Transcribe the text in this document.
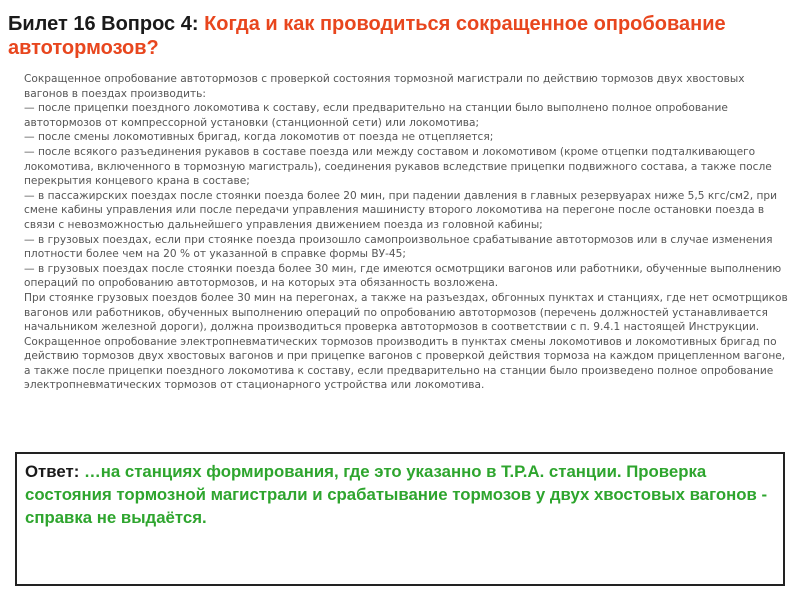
Билет 16 Вопрос 4: Когда и как проводиться сокращенное опробование автотормозов?

Сокращенное опробование автотормозов с проверкой состояния тормозной магистрали по действию тормозов двух хвостовых вагонов в поездах производить:

— после прицепки поездного локомотива к составу, если предварительно на станции было выполнено полное опробование автотормозов от компрессорной установки (станционной сети) или локомотива;

— после смены локомотивных бригад, когда локомотив от поезда не отцепляется;

— после всякого разъединения рукавов в составе поезда или между составом и локомотивом (кроме отцепки подталкивающего локомотива, включенного в тормозную магистраль), соединения рукавов вследствие прицепки подвижного состава, а также после перекрытия концевого крана в составе;

— в пассажирских поездах после стоянки поезда более 20 мин, при падении давления в главных резервуарах ниже 5,5 кгс/см2, при смене кабины управления или после передачи управления машинисту второго локомотива на перегоне после остановки поезда в связи с невозможностью дальнейшего управления движением поезда из головной кабины;

— в грузовых поездах, если при стоянке поезда произошло самопроизвольное срабатывание автотормозов или в случае изменения плотности более чем на 20 % от указанной в справке формы ВУ-45;

— в грузовых поездах после стоянки поезда более 30 мин, где имеются осмотрщики вагонов или работники, обученные выполнению операций по опробованию автотормозов, и на которых эта обязанность возложена.

При стоянке грузовых поездов более 30 мин на перегонах, а также на разъездах, обгонных пунктах и станциях, где нет осмотрщиков вагонов или работников, обученных выполнению операций по опробованию автотормозов (перечень должностей устанавливается начальником железной дороги), должна производиться проверка автотормозов в соответствии с п. 9.4.1 настоящей Инструкции.

Сокращенное опробование электропневматических тормозов производить в пунктах смены локомотивов и локомотивных бригад по действию тормозов двух хвостовых вагонов и при прицепке вагонов с проверкой действия тормоза на каждом прицепленном вагоне, а также после прицепки поездного локомотива к составу, если предварительно на станции было произведено полное опробование электропневматических тормозов от стационарного устройства или локомотива.

Ответ: …на станциях формирования, где это указанно в Т.Р.А. станции. Проверка состояния тормозной магистрали и срабатывание тормозов у двух хвостовых вагонов - справка не выдаётся.
